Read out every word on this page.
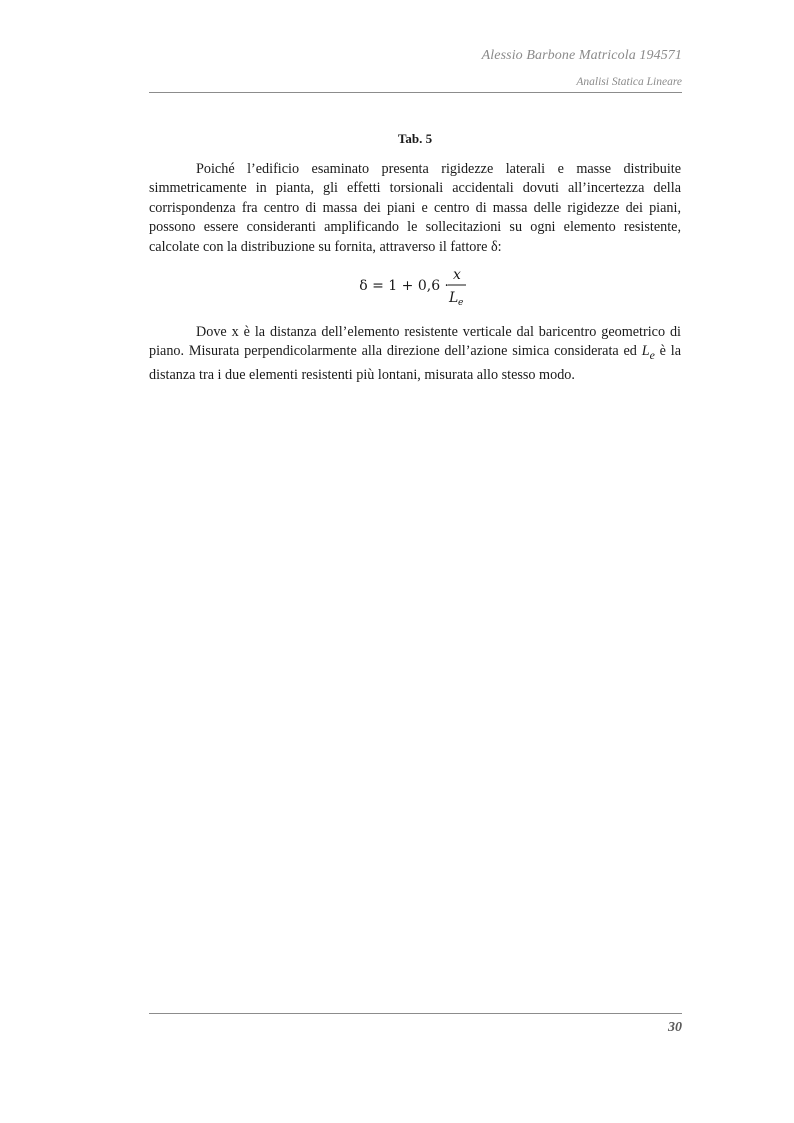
Alessio Barbone Matricola 194571
Analisi Statica Lineare
Tab. 5

Poiché l’edificio esaminato presenta rigidezze laterali e masse distribuite simmetricamente in pianta, gli effetti torsionali accidentali dovuti all’incertezza della corrispondenza fra centro di massa dei piani e centro di massa delle rigidezze dei piani, possono essere consideranti amplificando le sollecitazioni su ogni elemento resistente, calcolate con la distribuzione su fornita, attraverso il fattore δ:

δ = 1 + 0,6 ·
x
L e

Dove x è la distanza dell’elemento resistente verticale dal baricentro geometrico di piano. Misurata perpendicolarmente alla direzione dell’azione simica considerata ed $L_e$ è la distanza tra i due elementi resistenti più lontani, misurata allo stesso modo.

30
